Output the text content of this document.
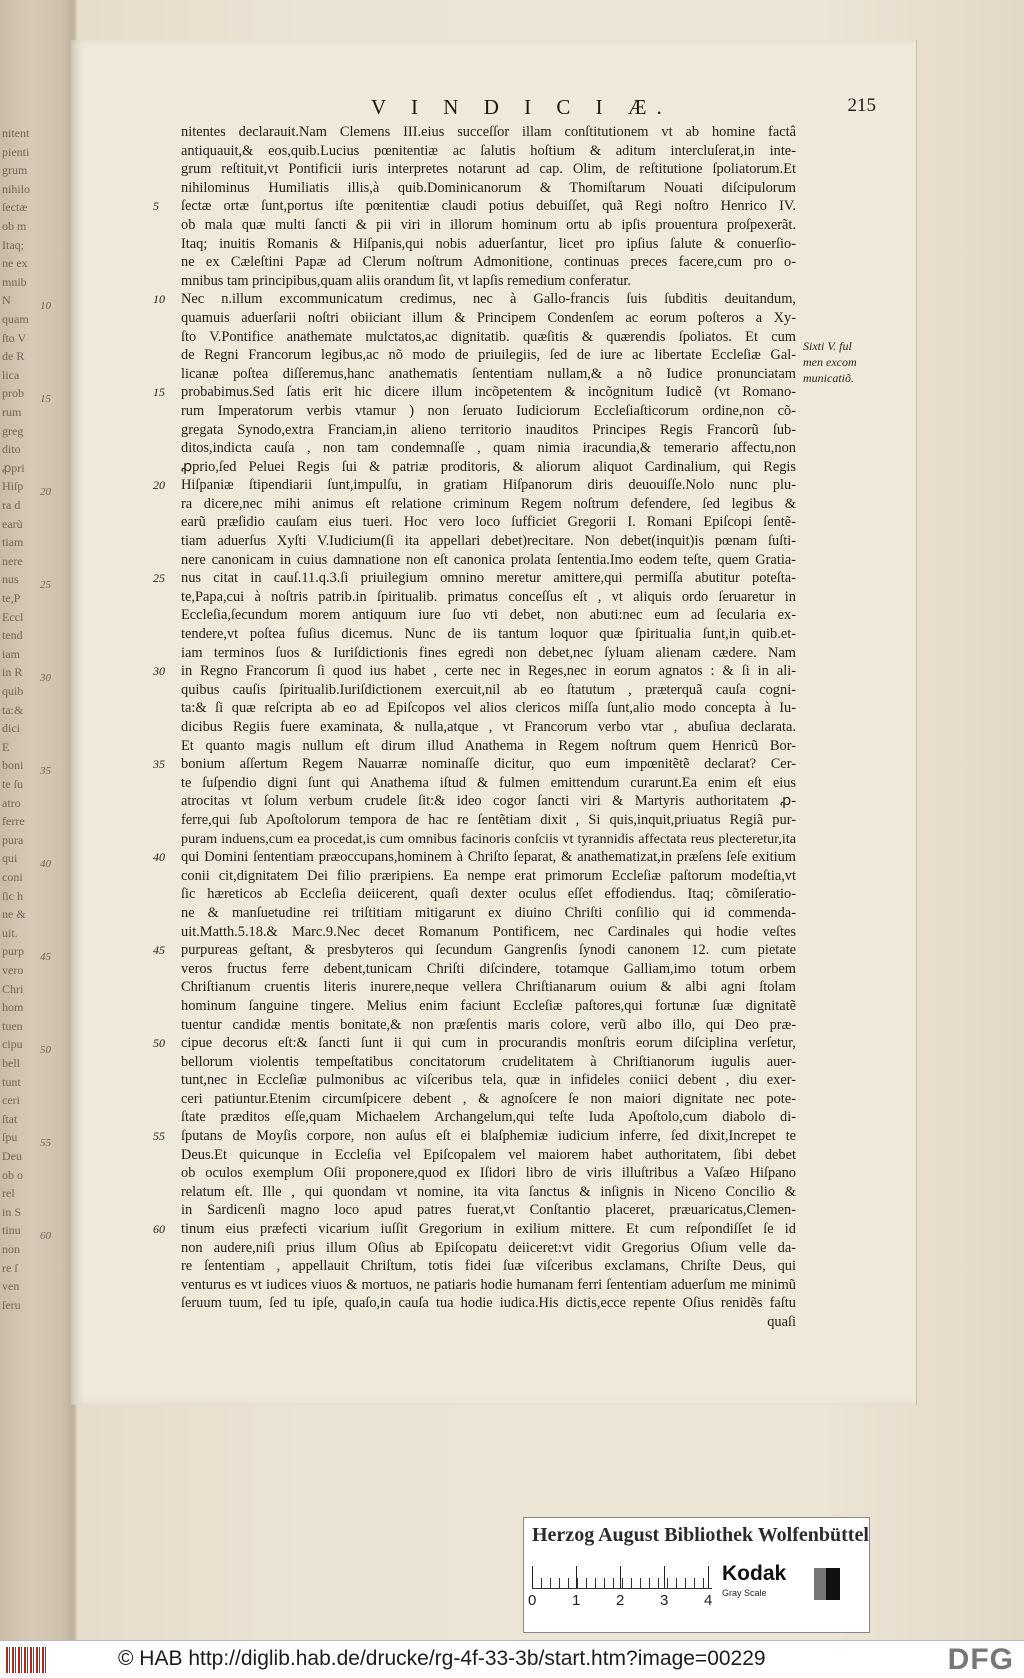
nitent
pienti
grum
nihilo
ſectæ
ob m
Itaq;
ne ex
mnib
N
quam
ſto V
de R
lica
prob
rum
greg
dito
ꝓpri
Hiſp
ra d
earũ
tiam
nere
nus
te,P
Eccl
tend
iam
in R
quib
ta:&
dici
E
boni
te ſu
atro
ferre
pura
qui
coni
ſic h
ne &
uit.
purp
vero
Chri
hom
tuen
cipu
bell
tunt
ceri
ſtat
ſpu
Deu
ob o
rel
in S
tinu
non
re ſ
ven
ſeru
10
15
20
25
30
35
40
45
50
55
60
V I N D I C I Æ.	215
nitentes declarauit.Nam Clemens III.eius succeſſor illam conſtitutionem vt ab homine factâ
antiquauit,& eos,quib.Lucius pœnitentiæ ac ſalutis hoſtium & aditum intercluſerat,in inte-
grum reſtituit,vt Pontificii iuris interpretes notarunt ad cap. Olim, de reſtitutione ſpoliatorum.Et
nihilominus Humiliatis illis,à quib.Dominicanorum & Thomiſtarum Nouati diſcipulorum
ſectæ ortæ ſunt,portus iſte pœnitentiæ claudi potius debuiſſet, quã Regi noſtro Henrico IV.
5
ob mala quæ multi ſancti & pii viri in illorum hominum ortu ab ipſis prouentura proſpexerãt.
Itaq; inuitis Romanis & Hiſpanis,qui nobis aduerſantur, licet pro ipſius ſalute & conuerſio-
ne ex Cæleſtini Papæ ad Clerum noſtrum Admonitione, continuas preces facere,cum pro o-
mnibus tam principibus,quam aliis orandum ſit, vt lapſis remedium conferatur.
Nec n.illum excommunicatum credimus, nec à Gallo-francis ſuis ſubditis deuitandum,
10
quamuis aduerſarii noſtri obiiciant illum & Principem Condenſem ac eorum poſteros a Xy-
ſto V.Pontifice anathemate mulctatos,ac dignitatib. quæſitis & quærendis ſpoliatos. Et cum
de Regni Francorum legibus,ac nõ modo de priuilegiis, ſed de iure ac libertate Eccleſiæ Gal-
licanæ poſtea diſſeremus,hanc anathematis ſententiam nullam,& a nõ Iudice pronunciatam
probabimus.Sed ſatis erit hic dicere illum incõpetentem & incõgnitum Iudicẽ (vt Romano-
15
rum Imperatorum verbis vtamur ) non ſeruato Iudiciorum Eccleſiaſticorum ordine,non cõ-
gregata Synodo,extra Franciam,in alieno territorio inauditos Principes Regis Francorũ ſub-
ditos,indicta cauſa , non tam condemnaſſe , quam nimia iracundia,& temerario affectu,non
ꝓprio,ſed Peluei Regis ſui & patriæ proditoris, & aliorum aliquot Cardinalium, qui Regis
Hiſpaniæ ſtipendiarii ſunt,impulſu, in gratiam Hiſpanorum diris deuouiſſe.Nolo nunc plu-
20
ra dicere,nec mihi animus eſt relatione criminum Regem noſtrum defendere, ſed legibus &
earũ præſidio cauſam eius tueri. Hoc vero loco ſufficiet Gregorii I. Romani Epiſcopi ſentẽ-
tiam aduerſus Xyſti V.Iudicium(ſi ita appellari debet)recitare. Non debet(inquit)is pœnam ſuſti-
nere canonicam in cuius damnatione non eſt canonica prolata ſententia.Imo eodem teſte, quem Gratia-
nus citat in cauſ.11.q.3.ſi priuilegium omnino meretur amittere,qui permiſſa abutitur poteſta-
25
te,Papa,cui à noſtris patrib.in ſpiritualib. primatus conceſſus eſt , vt aliquis ordo ſeruaretur in
Eccleſia,ſecundum morem antiquum iure ſuo vti debet, non abuti:nec eum ad ſecularia ex-
tendere,vt poſtea fuſius dicemus. Nunc de iis tantum loquor quæ ſpiritualia ſunt,in quib.et-
iam terminos ſuos & Iuriſdictionis fines egredi non debet,nec ſyluam alienam cædere. Nam
in Regno Francorum ſi quod ius habet , certe nec in Reges,nec in eorum agnatos : & ſi in ali-
30
quibus cauſis ſpiritualib.Iuriſdictionem exercuit,nil ab eo ſtatutum , præterquã cauſa cogni-
ta:& ſi quæ reſcripta ab eo ad Epiſcopos vel alios clericos miſſa ſunt,alio modo concepta à Iu-
dicibus Regiis fuere examinata, & nulla,atque , vt Francorum verbo vtar , abuſiua declarata.
Et quanto magis nullum eſt dirum illud Anathema in Regem noſtrum quem Henricũ Bor-
bonium aſſertum Regem Nauarræ nominaſſe dicitur, quo eum impœnitẽtẽ declarat? Cer-
35
te ſuſpendio digni ſunt qui Anathema iſtud & fulmen emittendum curarunt.Ea enim eſt eius
atrocitas vt ſolum verbum crudele ſit:& ideo cogor ſancti viri & Martyris authoritatem ꝓ-
ferre,qui ſub Apoſtolorum tempora de hac re ſentẽtiam dixit , Si quis,inquit,priuatus Regiã pur-
puram induens,cum ea procedat,is cum omnibus facinoris conſciis vt tyrannidis affectata reus plecteretur,ita
qui Domini ſententiam præoccupans,hominem à Chriſto ſeparat, & anathematizat,in præſens ſeſe exitium
40
conii cit,dignitatem Dei filio præripiens. Ea nempe erat primorum Eccleſiæ paſtorum modeſtia,vt
ſic hæreticos ab Eccleſia deiicerent, quaſi dexter oculus eſſet effodiendus. Itaq; cõmiſeratio-
ne & manſuetudine rei triſtitiam mitigarunt ex diuino Chriſti conſilio qui id commenda-
uit.Matth.5.18.& Marc.9.Nec decet Romanum Pontificem, nec Cardinales qui hodie veſtes
purpureas geſtant, & presbyteros qui ſecundum Gangrenſis ſynodi canonem 12. cum pietate
45
veros fructus ferre debent,tunicam Chriſti diſcindere, totamque Galliam,imo totum orbem
Chriſtianum cruentis literis inurere,neque vellera Chriſtianarum ouium & albi agni ſtolam
hominum ſanguine tingere. Melius enim faciunt Eccleſiæ paſtores,qui fortunæ ſuæ dignitatẽ
tuentur candidæ mentis bonitate,& non præſentis maris colore, verũ albo illo, qui Deo præ-
cipue decorus eſt:& ſancti ſunt ii qui cum in procurandis monſtris eorum diſciplina verſetur,
50
bellorum violentis tempeſtatibus concitatorum crudelitatem à Chriſtianorum iugulis auer-
tunt,nec in Eccleſiæ pulmonibus ac viſceribus tela, quæ in infideles coniici debent , diu exer-
ceri patiuntur.Etenim circumſpicere debent , & agnoſcere ſe non maiori dignitate nec pote-
ſtate præditos eſſe,quam Michaelem Archangelum,qui teſte Iuda Apoſtolo,cum diabolo di-
ſputans de Moyſis corpore, non auſus eſt ei blaſphemiæ iudicium inferre, ſed dixit,Increpet te
55
Deus.Et quicunque in Eccleſia vel Epiſcopalem vel maiorem habet authoritatem, ſibi debet
ob oculos exemplum Oſii proponere,quod ex Iſidori libro de viris illuſtribus a Vaſæo Hiſpano
relatum eſt. Ille , qui quondam vt nomine, ita vita ſanctus & inſignis in Niceno Concilio &
in Sardicenſi magno loco apud patres fuerat,vt Conſtantio placeret, præuaricatus,Clemen-
tinum eius præfecti vicarium iuſſit Gregorium in exilium mittere. Et cum reſpondiſſet ſe id
60
non audere,niſi prius illum Oſius ab Epiſcopatu deiiceret:vt vidit Gregorius Oſium velle da-
re ſententiam , appellauit Chriſtum, totis fidei ſuæ viſceribus exclamans, Chriſte Deus, qui
venturus es vt iudices viuos & mortuos, ne patiaris hodie humanam ferri ſententiam aduerſum me minimũ
ſeruum tuum, ſed tu ipſe, quaſo,in cauſa tua hodie iudica.His dictis,ecce repente Oſius renidẽs faſtu
quaſi
Sixti V. ful
men excom
municatiõ.
Herzog August Bibliothek Wolfenbüttel
0 1 2 3 4
Kodak
Gray Scale
© HAB http://diglib.hab.de/drucke/rg-4f-33-3b/start.htm?image=00229	DFG
